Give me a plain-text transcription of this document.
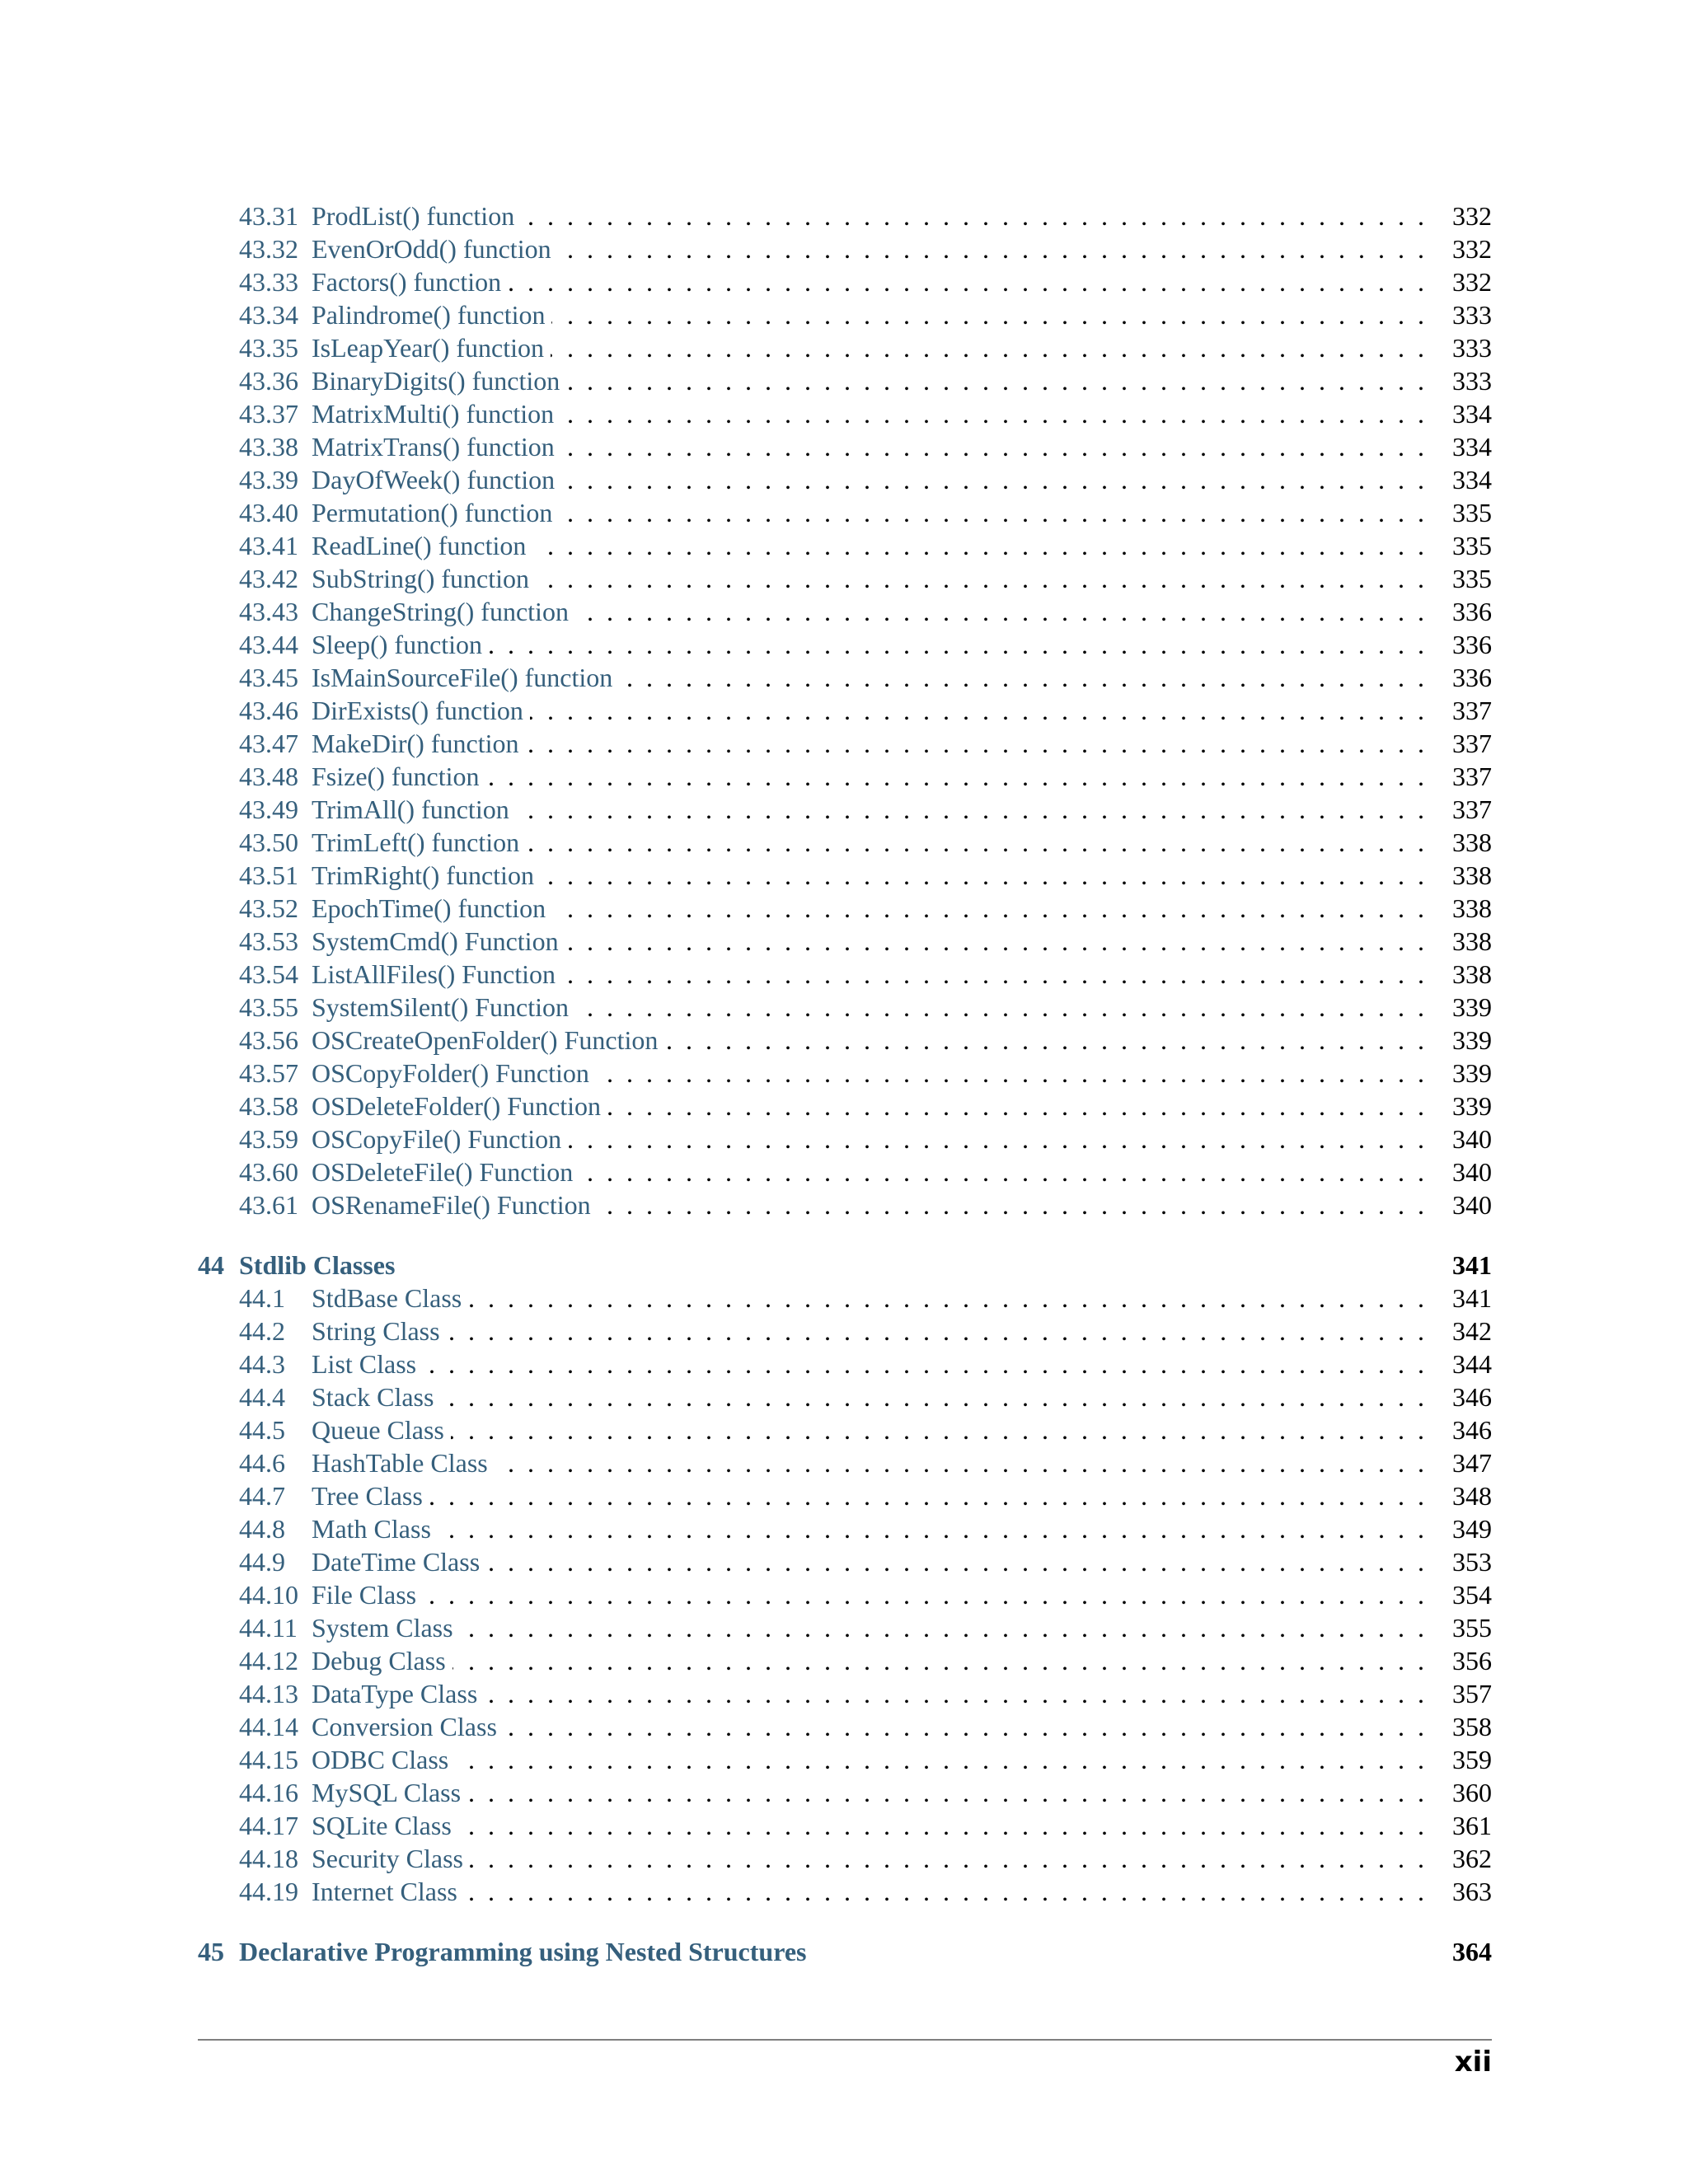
43.31 ProdList() function . . .	332
43.32 EvenOrOdd() function . . .	332
43.33 Factors() function . . .	332
43.34 Palindrome() function . . .	333
43.35 IsLeapYear() function . . .	333
43.36 BinaryDigits() function . . .	333
43.37 MatrixMulti() function . . .	334
43.38 MatrixTrans() function . . .	334
43.39 DayOfWeek() function . . .	334
43.40 Permutation() function . . .	335
43.41 ReadLine() function . . .	335
43.42 SubString() function . . .	335
43.43 ChangeString() function . . .	336
43.44 Sleep() function . . .	336
43.45 IsMainSourceFile() function . . .	336
43.46 DirExists() function . . .	337
43.47 MakeDir() function . . .	337
43.48 Fsize() function . . .	337
43.49 TrimAll() function . . .	337
43.50 TrimLeft() function . . .	338
43.51 TrimRight() function . . .	338
43.52 EpochTime() function . . .	338
43.53 SystemCmd() Function . . .	338
43.54 ListAllFiles() Function . . .	338
43.55 SystemSilent() Function . . .	339
43.56 OSCreateOpenFolder() Function . . .	339
43.57 OSCopyFolder() Function . . .	339
43.58 OSDeleteFolder() Function . . .	339
43.59 OSCopyFile() Function . . .	340
43.60 OSDeleteFile() Function . . .	340
43.61 OSRenameFile() Function . . .	340
44 Stdlib Classes	341
44.1	StdBase Class . . .	341
44.2	String Class . . .	342
44.3	List Class . . .	344
44.4	Stack Class . . .	346
44.5	Queue Class . . .	346
44.6	HashTable Class . . .	347
44.7	Tree Class . . .	348
44.8	Math Class . . .	349
44.9	DateTime Class . . .	353
44.10 File Class . . .	354
44.11 System Class . . .	355
44.12 Debug Class . . .	356
44.13 DataType Class . . .	357
44.14 Conversion Class . . .	358
44.15 ODBC Class . . .	359
44.16 MySQL Class . . .	360
44.17 SQLite Class . . .	361
44.18 Security Class . . .	362
44.19 Internet Class . . .	363
45 Declarative Programming using Nested Structures	364
xii
